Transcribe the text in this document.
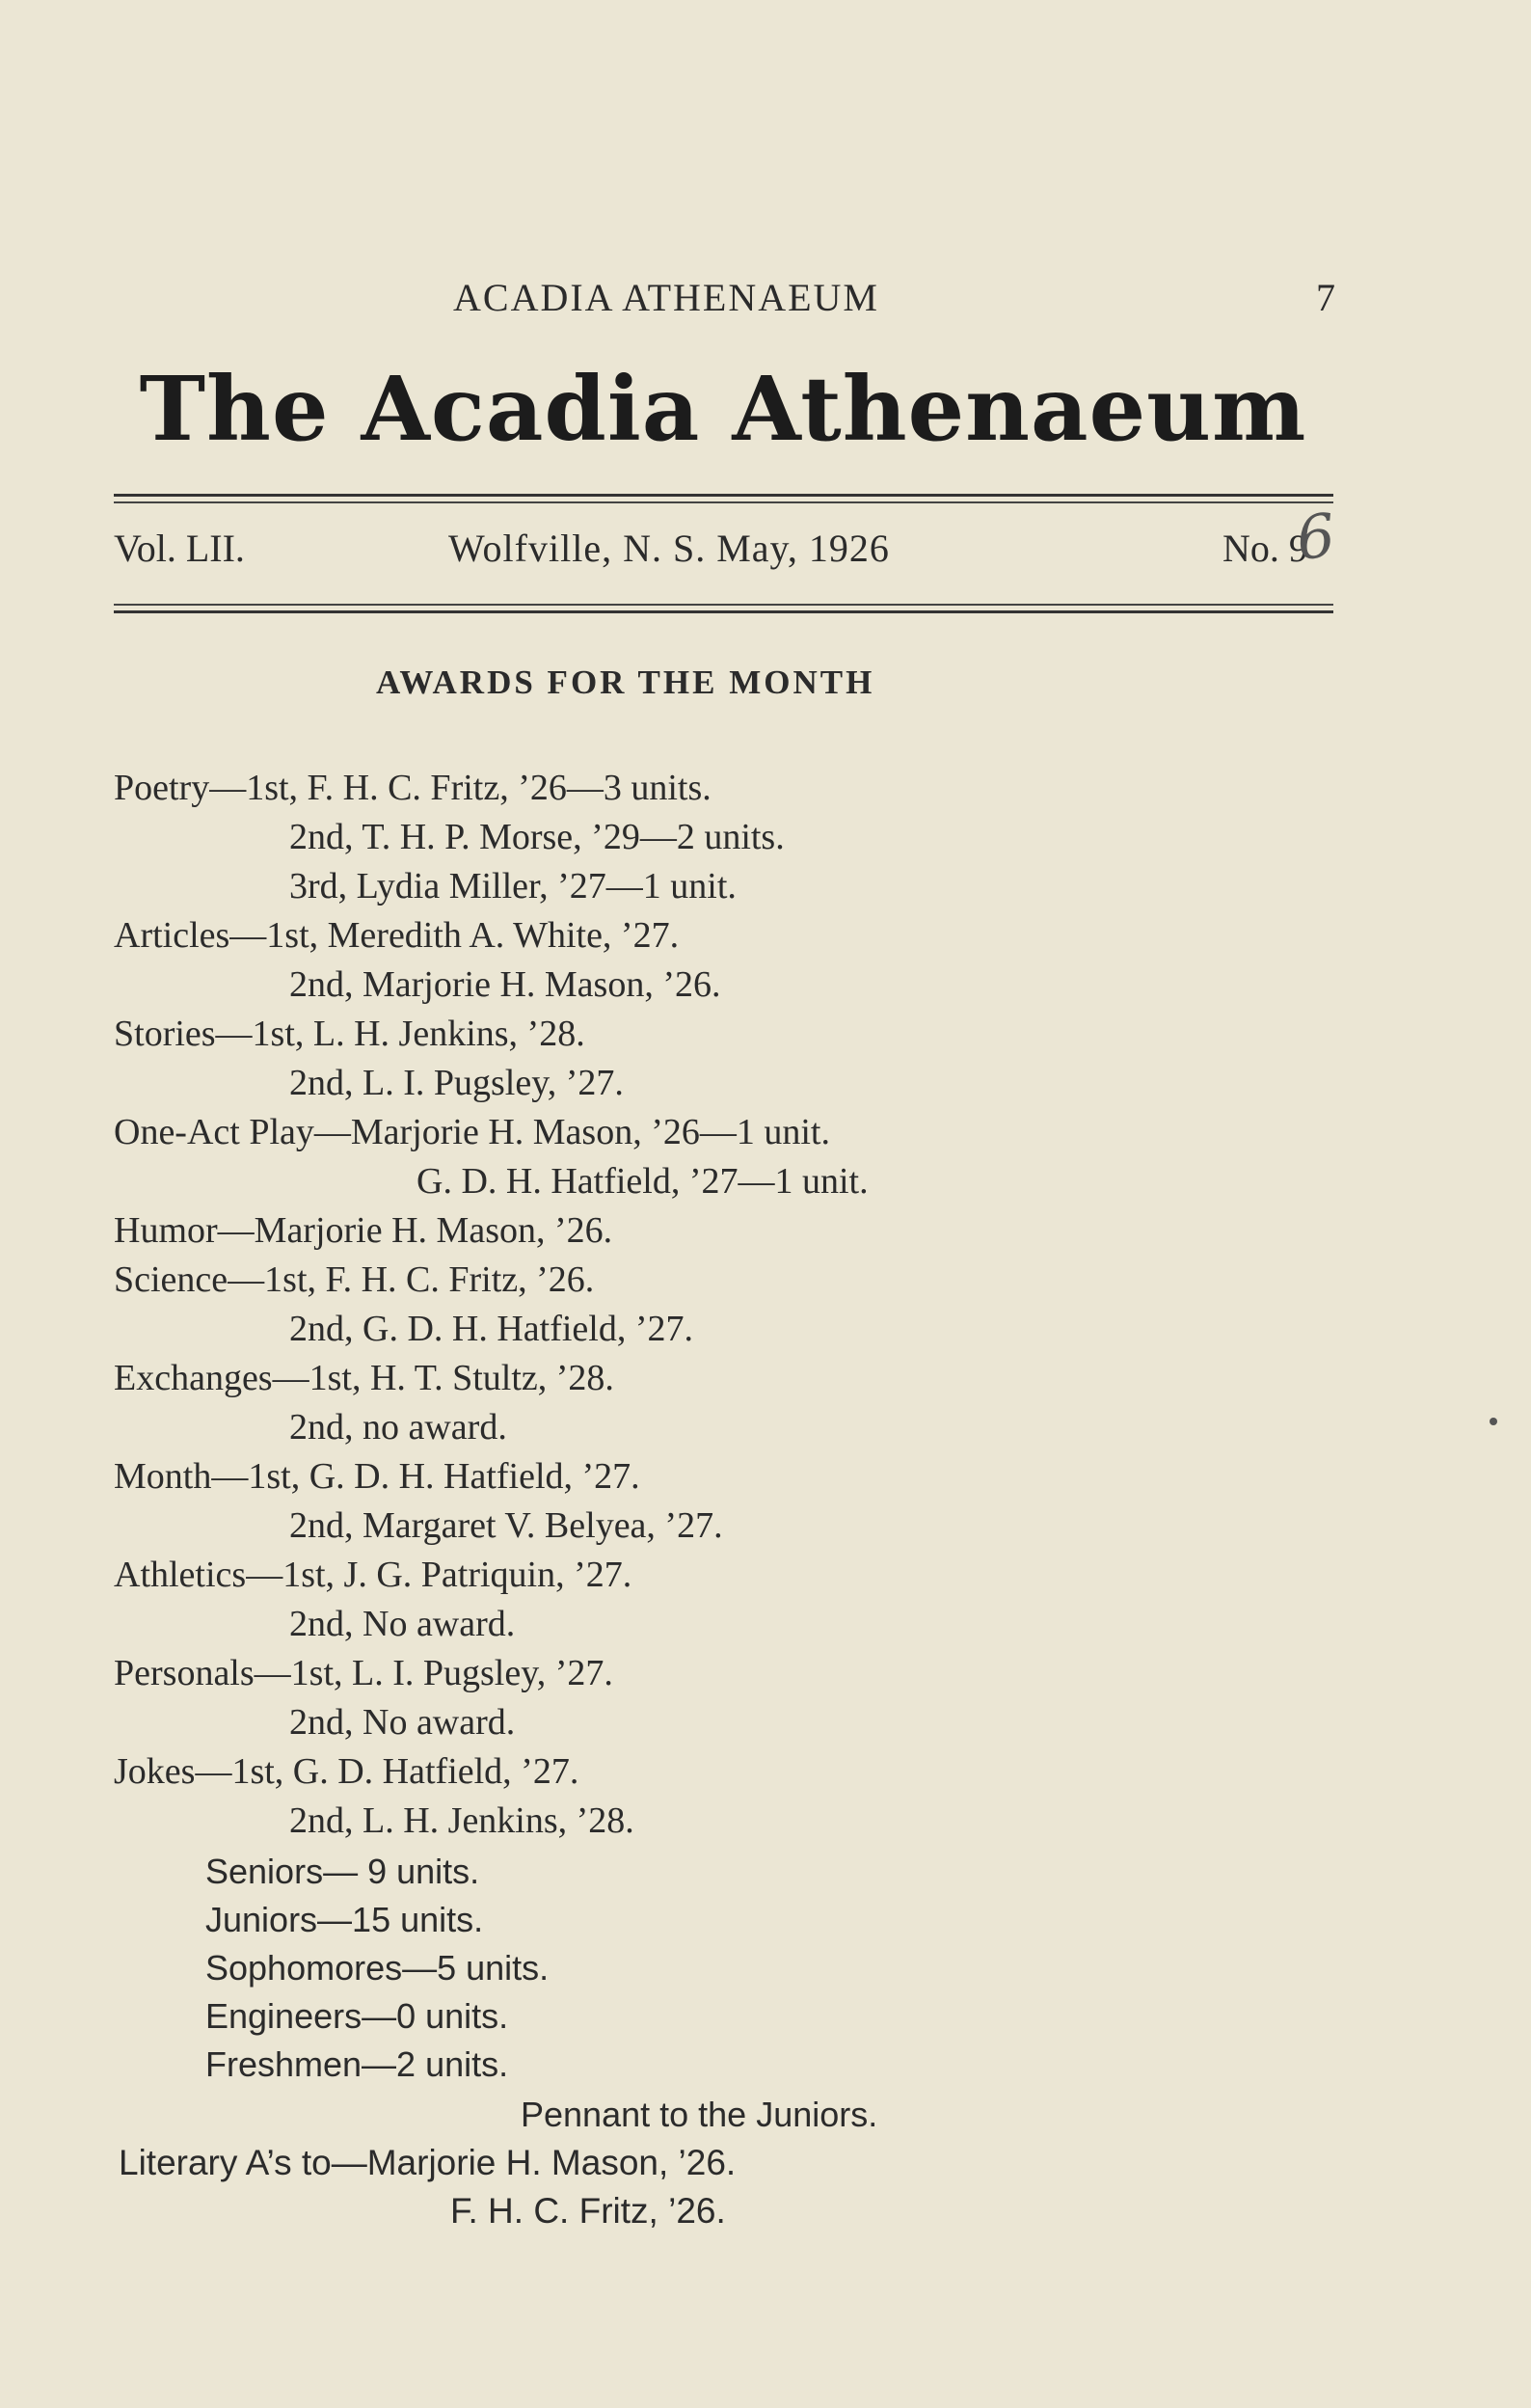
ACADIA ATHENAEUM	7
The Acadia Athenaeum
Vol. LII.	Wolfville, N. S. May, 1926	No. 9
6
AWARDS FOR THE MONTH
Poetry—1st, F. H. C. Fritz, ’26—3 units.
2nd, T. H. P. Morse, ’29—2 units.
3rd, Lydia Miller, ’27—1 unit.
Articles—1st, Meredith A. White, ’27.
2nd, Marjorie H. Mason, ’26.
Stories—1st, L. H. Jenkins, ’28.
2nd, L. I. Pugsley, ’27.
One-Act Play—Marjorie H. Mason, ’26—1 unit.
G. D. H. Hatfield, ’27—1 unit.
Humor—Marjorie H. Mason, ’26.
Science—1st, F. H. C. Fritz, ’26.
2nd, G. D. H. Hatfield, ’27.
Exchanges—1st, H. T. Stultz, ’28.
2nd, no award.
Month—1st, G. D. H. Hatfield, ’27.
2nd, Margaret V. Belyea, ’27.
Athletics—1st, J. G. Patriquin, ’27.
2nd, No award.
Personals—1st, L. I. Pugsley, ’27.
2nd, No award.
Jokes—1st, G. D. Hatfield, ’27.
2nd, L. H. Jenkins, ’28.
Seniors— 9 units.
Juniors—15 units.
Sophomores—5 units.
Engineers—0 units.
Freshmen—2 units.
Pennant to the Juniors.
Literary A’s to—Marjorie H. Mason, ’26.
F. H. C. Fritz, ’26.
